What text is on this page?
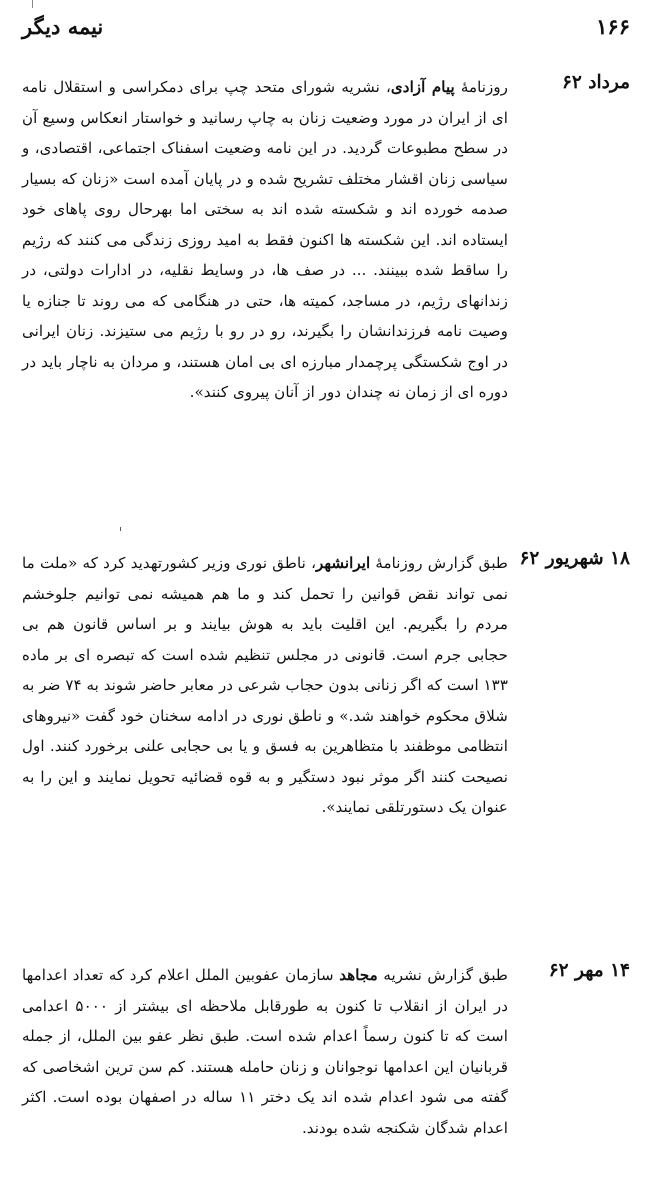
۱۶۶
نیمه دیگر
مرداد ۶۲
روزنامهٔ پیام آزادی، نشریه شورای متحد چپ برای دمکراسی و استقلال نامه ای از ایران در مورد وضعیت زنان به چاپ رسانید و خواستار انعکاس وسیع آن در سطح مطبوعات گردید. در این نامه وضعیت اسفناک اجتماعی، اقتصادی، و سیاسی زنان اقشار مختلف تشریح شده و در پایان آمده است «زنان که بسیار صدمه خورده اند و شکسته شده اند به سختی اما بهرحال روی پاهای خود ایستاده اند. این شکسته ها اکنون فقط به امید روزی زندگی می کنند که رژیم را ساقط شده ببینند. ... در صف ها، در وسایط نقلیه، در ادارات دولتی، در زندانهای رژیم، در مساجد، کمیته ها، حتی در هنگامی که می روند تا جنازه یا وصیت نامه فرزندانشان را بگیرند، رو در رو با رژیم می ستیزند. زنان ایرانی در اوج شکستگی پرچمدار مبارزه ای بی امان هستند، و مردان به ناچار باید در دوره ای از زمان نه چندان دور از آنان پیروی کنند».
۱۸ شهریور ۶۲
طبق گزارش روزنامهٔ ایرانشهر، ناطق نوری وزیر کشورتهدید کرد که «ملت ما نمی تواند نقض قوانین را تحمل کند و ما هم همیشه نمی توانیم جلوخشم مردم را بگیریم. این اقلیت باید به هوش بیایند و بر اساس قانون هم بی حجابی جرم است. قانونی در مجلس تنظیم شده است که تبصره ای بر ماده ۱۳۳ است که اگر زنانی بدون حجاب شرعی در معابر حاضر شوند به ۷۴ ضر به شلاق محکوم خواهند شد.» و ناطق نوری در ادامه سخنان خود گفت «نیروهای انتظامی موظفند با متظاهرین به فسق و یا بی حجابی علنی برخورد کنند. اول نصیحت کنند اگر موثر نبود دستگیر و به قوه قضائیه تحویل نمایند و این را به عنوان یک دستورتلقی نمایند».
۱۴ مهر ۶۲
طبق گزارش نشریه مجاهد سازمان عفوبین الملل اعلام کرد که تعداد اعدامها در ایران از انقلاب تا کنون به طورقابل ملاحظه ای بیشتر از ۵۰۰۰ اعدامی است که تا کنون رسماً اعدام شده است. طبق نظر عفو بین الملل، از جمله قربانیان این اعدامها نوجوانان و زنان حامله هستند. کم سن ترین اشخاصی که گفته می شود اعدام شده اند یک دختر ۱۱ ساله در اصفهان بوده است. اکثر اعدام شدگان شکنجه شده بودند.
